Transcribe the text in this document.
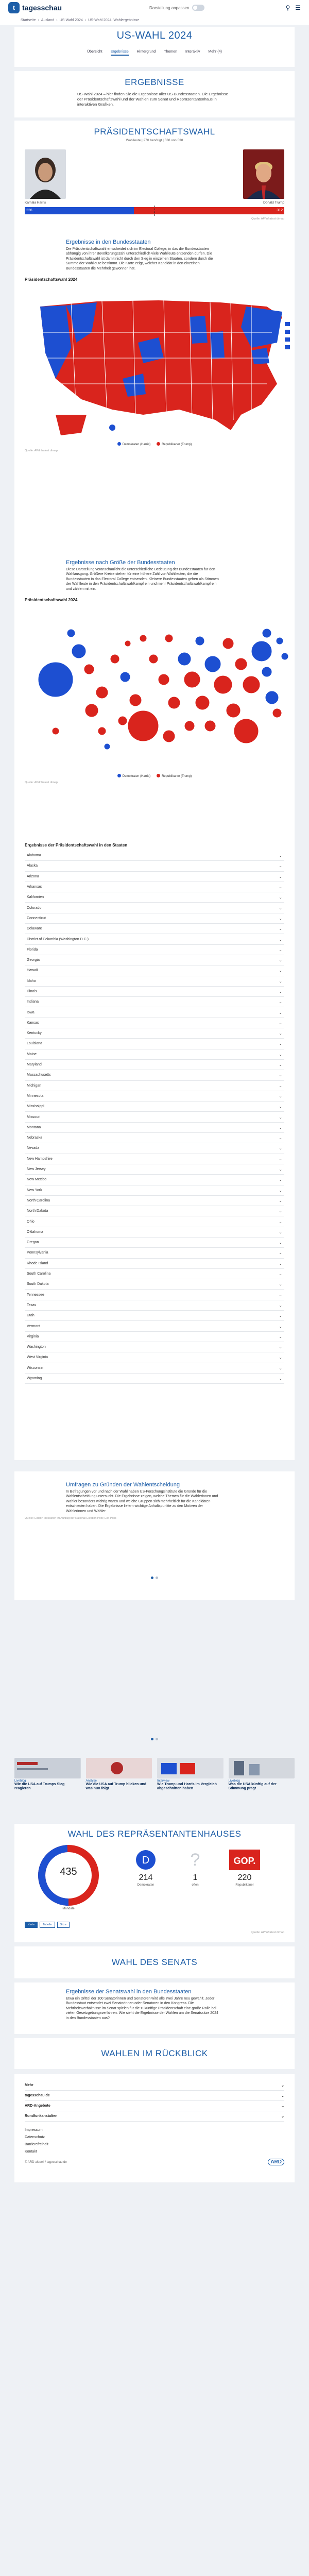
t	tagesschau	Darstellung anpassen	⚲ ☰
Startseite › Ausland › US-Wahl 2024 › US-Wahl 2024: Wahlergebnisse
US-WAHL 2024
Übersicht Ergebnisse Hintergrund Themen Interaktiv Mehr (4)
ERGEBNISSE

US-Wahl 2024 – hier finden Sie die Ergebnisse aller US-Bundesstaaten. Die Ergebnisse der Präsidentschaftswahl und der Wahlen zum Senat und Repräsentantenhaus in interaktiven Grafiken.

PRÄSIDENTSCHAFTSWAHL
Wahlleute | 270 benötigt | 538 von 538
Kamala Harris	Donald Trump
226	312
Quelle: AP/Infratest dimap
Ergebnisse in den Bundesstaaten

Die Präsidentschaftswahl entscheidet sich im Electoral College, in das die Bundesstaaten abhängig von ihrer Bevölkerungszahl unterschiedlich viele Wahlleute entsenden dürfen. Die Präsidentschaftswahl ist damit nicht durch den Sieg in einzelnen Staaten, sondern durch die Summe der Wahlleute bestimmt. Die Karte zeigt, welcher Kandidat in den einzelnen Bundesstaaten die Mehrheit gewonnen hat.

Präsidentschaftswahl 2024
Demokraten (Harris)	Republikaner (Trump)
Quelle: AP/Infratest dimap
Ergebnisse nach Größe der Bundesstaaten

Diese Darstellung veranschaulicht die unterschiedliche Bedeutung der Bundesstaaten für den Wahlausgang. Größere Kreise stehen für eine höhere Zahl von Wahlleuten, die die Bundesstaaten in das Electoral College entsenden. Kleinere Bundesstaaten gehen als Stimmen der Wahlleute in den Präsidentschaftswahlkampf ein und mehr Präsidentschaftswahlkampf ein und zählen mit ein.

Präsidentschaftswahl 2024
Demokraten (Harris)	Republikaner (Trump)
Quelle: AP/Infratest dimap
Ergebnisse der Präsidentschaftswahl in den Staaten
Alabama	⌄
Alaska	⌄
Arizona	⌄
Arkansas	⌄
Kalifornien	⌄
Colorado	⌄
Connecticut	⌄
Delaware	⌄
District of Columbia (Washington D.C.)	⌄
Florida	⌄
Georgia	⌄
Hawaii	⌄
Idaho	⌄
Illinois	⌄
Indiana	⌄
Iowa	⌄
Kansas	⌄
Kentucky	⌄
Louisiana	⌄
Maine	⌄
Maryland	⌄
Massachusetts	⌄
Michigan	⌄
Minnesota	⌄
Mississippi	⌄
Missouri	⌄
Montana	⌄
Nebraska	⌄
Nevada	⌄
New Hampshire	⌄
New Jersey	⌄
New Mexico	⌄
New York	⌄
North Carolina	⌄
North Dakota	⌄
Ohio	⌄
Oklahoma	⌄
Oregon	⌄
Pennsylvania	⌄
Rhode Island	⌄
South Carolina	⌄
South Dakota	⌄
Tennessee	⌄
Texas	⌄
Utah	⌄
Vermont	⌄
Virginia	⌄
Washington	⌄
West Virginia	⌄
Wisconsin	⌄
Wyoming	⌄
Umfragen zu Gründen der Wahlentscheidung

In Befragungen vor und nach der Wahl haben US-Forschungsinstitute die Gründe für die Wahlentscheidung untersucht. Die Ergebnisse zeigen, welche Themen für die Wählerinnen und Wähler besonders wichtig waren und welche Gruppen sich mehrheitlich für die Kandidaten entschieden haben. Die Ergebnisse liefern wichtige Anhaltspunkte zu den Motiven der Wählerinnen und Wähler.

Quelle: Edison Research im Auftrag der National Election Pool; Exit Polls
Liveblog
Wie die USA auf Trumps Sieg reagieren
Analyse
Wie die USA auf Trump blicken und was nun folgt
Interview
Wie Trump und Harris im Vergleich abgeschnitten haben
Liveblog
Was die USA künftig auf der Stimmung prägt
WAHL DES REPRÄSENTANTENHAUSES
435
Mandate
D
214
Demokraten
?
1
offen
GOP.
220
Republikaner
Karte	Tabelle	Sitze
Quelle: AP/Infratest dimap
WAHL DES SENATS
Ergebnisse der Senatswahl in den Bundesstaaten

Etwa ein Drittel der 100 Senatorinnen und Senatoren wird alle zwei Jahre neu gewählt. Jeder Bundesstaat entsendet zwei Senatorinnen oder Senatoren in den Kongress. Die Mehrheitsverhältnisse im Senat spielen für die zukünftige Präsidentschaft eine große Rolle bei vielen Gesetzgebungsverfahren. Wie sieht die Ergebnisse der Wahlen um die Senatssitze 2024 in den Bundesstaaten aus?

WAHLEN IM RÜCKBLICK
Mehr	⌄
tagesschau.de	⌄
ARD-Angebote	⌄
Rundfunkanstalten	⌄
Impressum
Datenschutz
Barrierefreiheit
Kontakt
© ARD-aktuell / tagesschau.de	ARD
